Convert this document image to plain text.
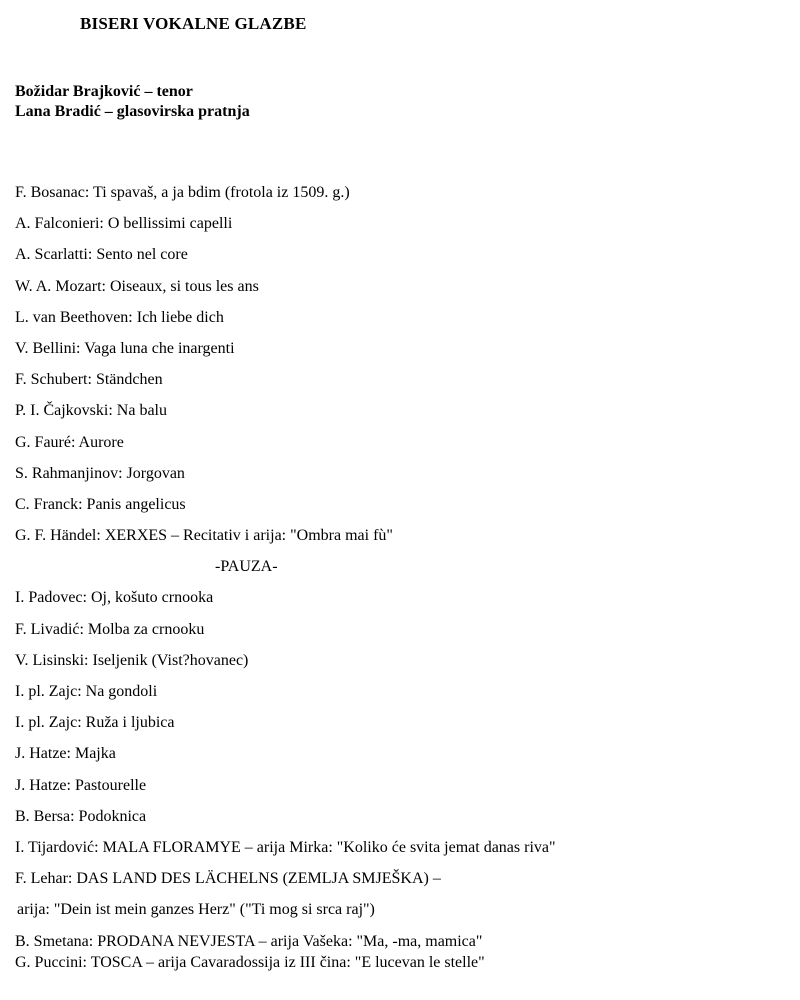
BISERI VOKALNE GLAZBE
Božidar Brajković – tenor
Lana Bradić – glasovirska pratnja
F. Bosanac: Ti spavaš, a ja bdim (frotola iz 1509. g.)
A. Falconieri: O bellissimi capelli
A. Scarlatti: Sento nel core
W. A. Mozart: Oiseaux, si tous les ans
L. van Beethoven: Ich liebe dich
V. Bellini: Vaga luna che inargenti
F. Schubert: Ständchen
P. I. Čajkovski: Na balu
G. Fauré: Aurore
S. Rahmanjinov: Jorgovan
C. Franck: Panis angelicus
G. F. Händel: XERXES – Recitativ i arija: "Ombra mai fù"
-PAUZA-
I. Padovec: Oj, košuto crnooka
F. Livadić: Molba za crnooku
V. Lisinski: Iseljenik (Vist?hovanec)
I. pl. Zajc: Na gondoli
I. pl. Zajc: Ruža i ljubica
J. Hatze: Majka
J. Hatze: Pastourelle
B. Bersa: Podoknica
I. Tijardović: MALA FLORAMYE – arija Mirka: "Koliko će svita jemat danas riva"
F. Lehar: DAS LAND DES LÄCHELNS (ZEMLJA SMJEŠKA) –
arija: "Dein ist mein ganzes Herz" ("Ti mog si srca raj")
B. Smetana: PRODANA NEVJESTA – arija Vašeka: "Ma, -ma, mamica"
G. Puccini: TOSCA – arija Cavaradossija iz III čina: "E lucevan le stelle"
